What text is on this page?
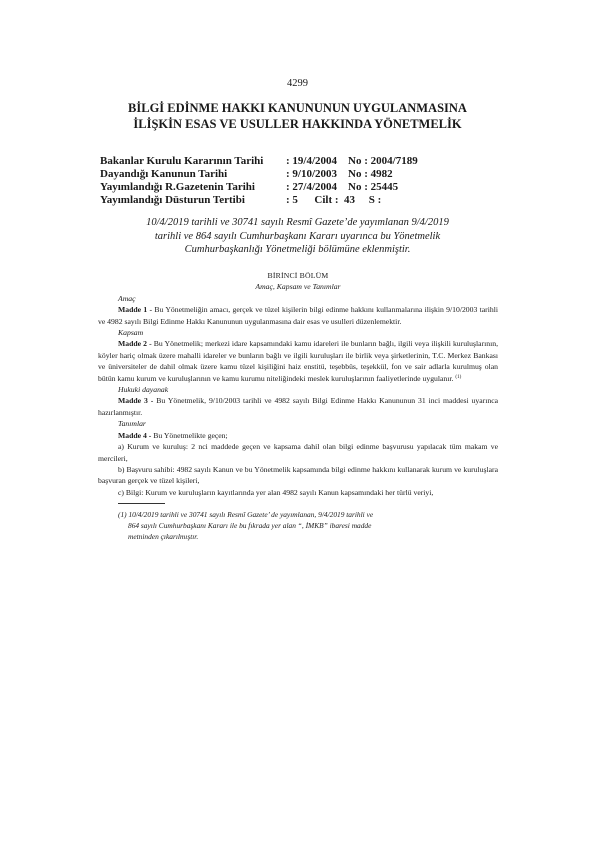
4299
BİLGİ EDİNME HAKKI KANUNUNUN UYGULANMASINA
İLİŞKİN ESAS VE USULLER HAKKINDA YÖNETMELİK
Bakanlar Kurulu Kararının Tarihi	: 19/4/2004    No : 2004/7189
Dayandığı Kanunun Tarihi	: 9/10/2003    No : 4982
Yayımlandığı R.Gazetenin Tarihi	: 27/4/2004    No : 25445
Yayımlandığı Düsturun Tertibi	: 5      Cilt :  43     S :
10/4/2019 tarihli ve 30741 sayılı Resmî Gazete’de yayımlanan 9/4/2019
tarihli ve 864 sayılı Cumhurbaşkanı Kararı uyarınca bu Yönetmelik
Cumhurbaşkanlığı Yönetmeliği bölümüne eklenmiştir.
BİRİNCİ BÖLÜM
Amaç, Kapsam ve Tanımlar
Amaç
Madde 1 - Bu Yönetmeliğin amacı, gerçek ve tüzel kişilerin bilgi edinme hakkını kullanmalarına ilişkin 9/10/2003 tarihli ve 4982 sayılı Bilgi Edinme Hakkı Kanununun uygulanmasına dair esas ve usulleri düzenlemektir.
Kapsam
Madde 2 - Bu Yönetmelik; merkezi idare kapsamındaki kamu idareleri ile bunların bağlı, ilgili veya ilişkili kuruluşlarının, köyler hariç olmak üzere mahalli idareler ve bunların bağlı ve ilgili kuruluşları ile birlik veya şirketlerinin, T.C. Merkez Bankası ve üniversiteler de dahil olmak üzere kamu tüzel kişiliğini haiz enstitü, teşebbüs, teşekkül, fon ve sair adlarla kurulmuş olan bütün kamu kurum ve kuruluşlarının ve kamu kurumu niteliğindeki meslek kuruluşlarının faaliyetlerinde uygulanır. $^{(1)}$
Hukuki dayanak
Madde 3 - Bu Yönetmelik, 9/10/2003 tarihli ve 4982 sayılı Bilgi Edinme Hakkı Kanununun 31 inci maddesi uyarınca hazırlanmıştır.
Tanımlar
Madde 4 - Bu Yönetmelikte geçen;
a) Kurum ve kuruluş: 2 nci maddede geçen ve kapsama dahil olan bilgi edinme başvurusu yapılacak tüm makam ve mercileri,
b) Başvuru sahibi: 4982 sayılı Kanun ve bu Yönetmelik kapsamında bilgi edinme hakkını kullanarak kurum ve kuruluşlara başvuran gerçek ve tüzel kişileri,
c) Bilgi: Kurum ve kuruluşların kayıtlarında yer alan 4982 sayılı Kanun kapsamındaki her türlü veriyi,
(1) 10/4/2019 tarihli ve 30741 sayılı Resmî Gazete’ de yayımlanan, 9/4/2019 tarihli ve
864 sayılı Cumhurbaşkanı Kararı ile bu fıkrada yer alan “, İMKB” ibaresi madde
metninden çıkarılmıştır.
